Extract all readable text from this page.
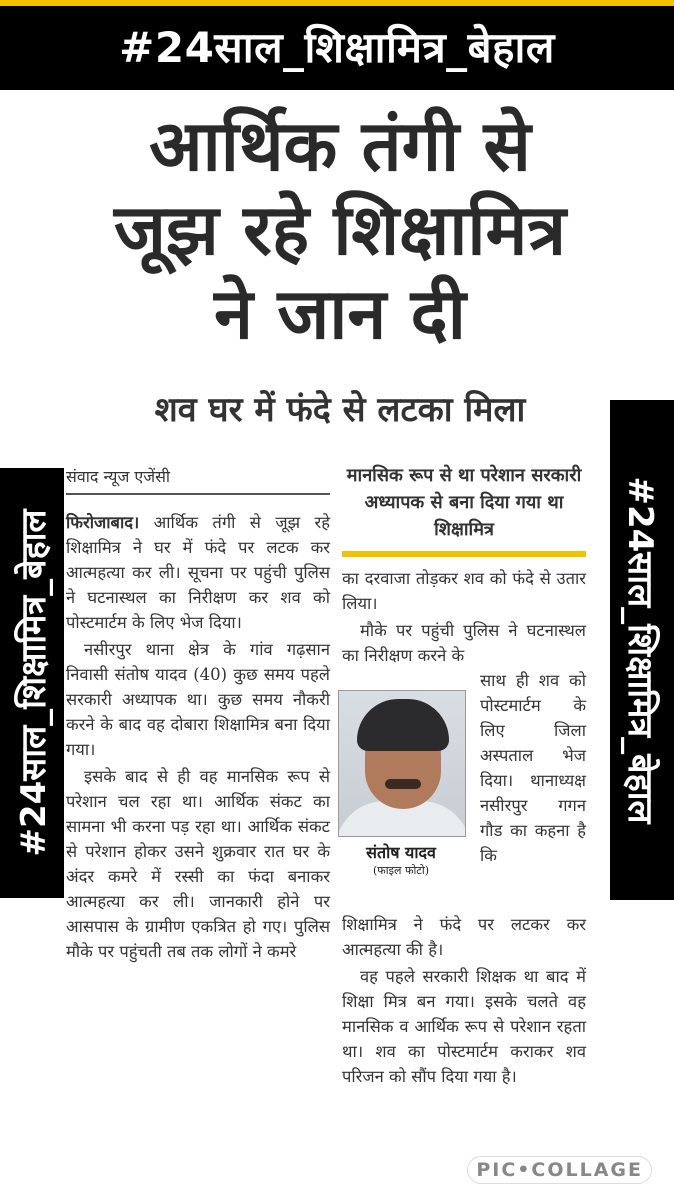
#24साल_शिक्षामित्र_बेहाल
#24साल_शिक्षामित्र_बेहाल	#24साल_शिक्षामित्र_बेहाल
आर्थिक तंगी से
जूझ रहे शिक्षामित्र
ने जान दी
शव घर में फंदे से लटका मिला
संवाद न्यूज एजेंसी

फिरोजाबाद। आर्थिक तंगी से जूझ रहे शिक्षामित्र ने घर में फंदे पर लटक कर आत्महत्या कर ली। सूचना पर पहुंची पुलिस ने घटनास्थल का निरीक्षण कर शव को पोस्टमार्टम के लिए भेज दिया।

नसीरपुर थाना क्षेत्र के गांव गढ़सान निवासी संतोष यादव (40) कुछ समय पहले सरकारी अध्यापक था। कुछ समय नौकरी करने के बाद वह दोबारा शिक्षामित्र बना दिया गया।

इसके बाद से ही वह मानसिक रूप से परेशान चल रहा था। आर्थिक संकट का सामना भी करना पड़ रहा था। आर्थिक संकट से परेशान होकर उसने शुक्रवार रात घर के अंदर कमरे में रस्सी का फंदा बनाकर आत्महत्या कर ली। जानकारी होने पर आसपास के ग्रामीण एकत्रित हो गए। पुलिस मौके पर पहुंचती तब तक लोगों ने कमरे

मानसिक रूप से था परेशान सरकारी अध्यापक से बना दिया गया था शिक्षामित्र

का दरवाजा तोड़कर शव को फंदे से उतार लिया।

मौके पर पहुंची पुलिस ने घटनास्थल का निरीक्षण करने के

साथ ही शव को पोस्टमार्टम के लिए जिला अस्पताल भेज दिया। थानाध्यक्ष नसीरपुर गगन गौड का कहना है कि

संतोष यादव
(फाइल फोटो)

शिक्षामित्र ने फंदे पर लटकर कर आत्महत्या की है।

वह पहले सरकारी शिक्षक था बाद में शिक्षा मित्र बन गया। इसके चलते वह मानसिक व आर्थिक रूप से परेशान रहता था। शव का पोस्टमार्टम कराकर शव परिजन को सौंप दिया गया है।

PIC•COLLAGE
